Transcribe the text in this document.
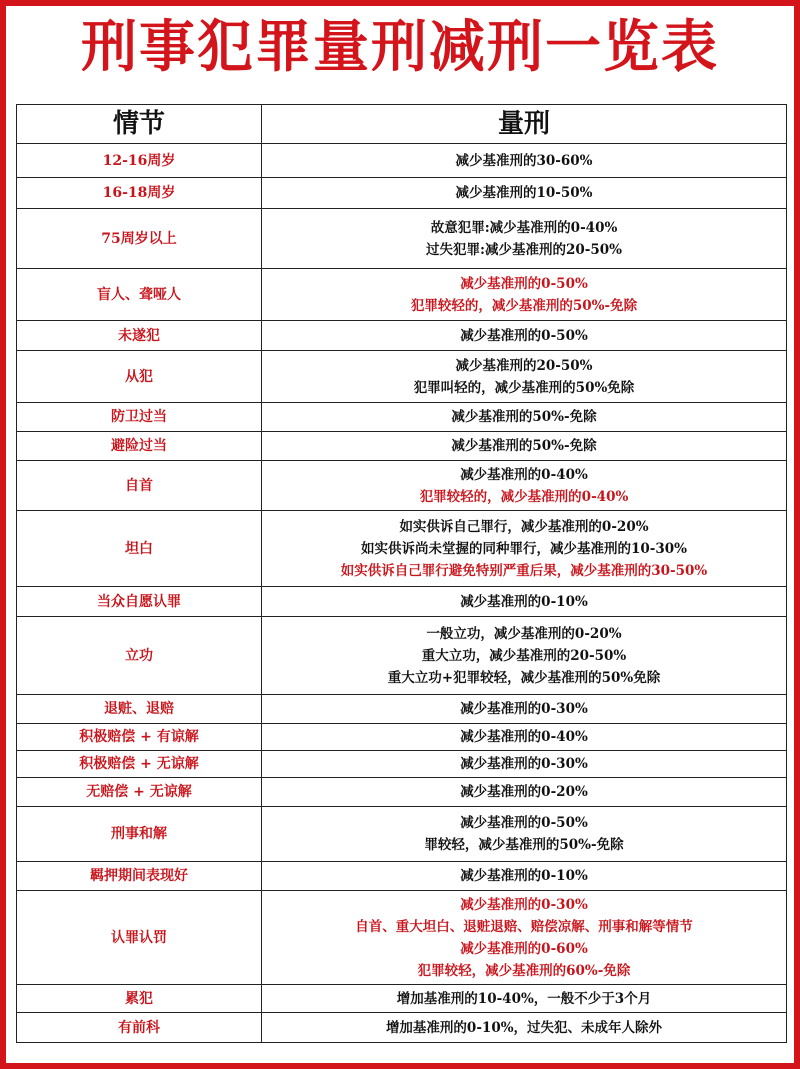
刑事犯罪量刑减刑一览表
情节	量刑
12-16周岁	减少基准刑的30-60%

16-18周岁	减少基准刑的10-50%

75周岁以上	故意犯罪:减少基准刑的0-40%
过失犯罪:减少基准刑的20-50%

盲人、聋哑人	减少基准刑的0-50%
犯罪较轻的，减少基准刑的50%-免除

未遂犯	减少基准刑的0-50%

从犯	减少基准刑的20-50%
犯罪叫轻的，减少基准刑的50%免除

防卫过当	减少基准刑的50%-免除

避险过当	减少基准刑的50%-免除

自首	减少基准刑的0-40%
犯罪较轻的，减少基准刑的0-40%

坦白	如实供诉自己罪行，减少基准刑的0-20%
如实供诉尚未堂握的同种罪行，减少基准刑的10-30%
如实供诉自己罪行避免特别严重后果，减少基准刑的30-50%

当众自愿认罪	减少基准刑的0-10%

立功	一般立功，减少基准刑的0-20%
重大立功，减少基准刑的20-50%
重大立功+犯罪较轻，减少基准刑的50%免除

退赃、退赔	减少基准刑的0-30%

积极赔偿 + 有谅解	减少基准刑的0-40%

积极赔偿 + 无谅解	减少基准刑的0-30%

无赔偿 + 无谅解	减少基准刑的0-20%

刑事和解	减少基准刑的0-50%
罪较轻，减少基准刑的50%-免除

羁押期间表现好	减少基准刑的0-10%

认罪认罚	减少基准刑的0-30%
自首、重大坦白、退赃退赔、赔偿凉解、刑事和解等情节
减少基准刑的0-60%
犯罪较轻，减少基准刑的60%-免除

累犯	增加基准刑的10-40%，一般不少于3个月

有前科	增加基准刑的0-10%，过失犯、未成年人除外
